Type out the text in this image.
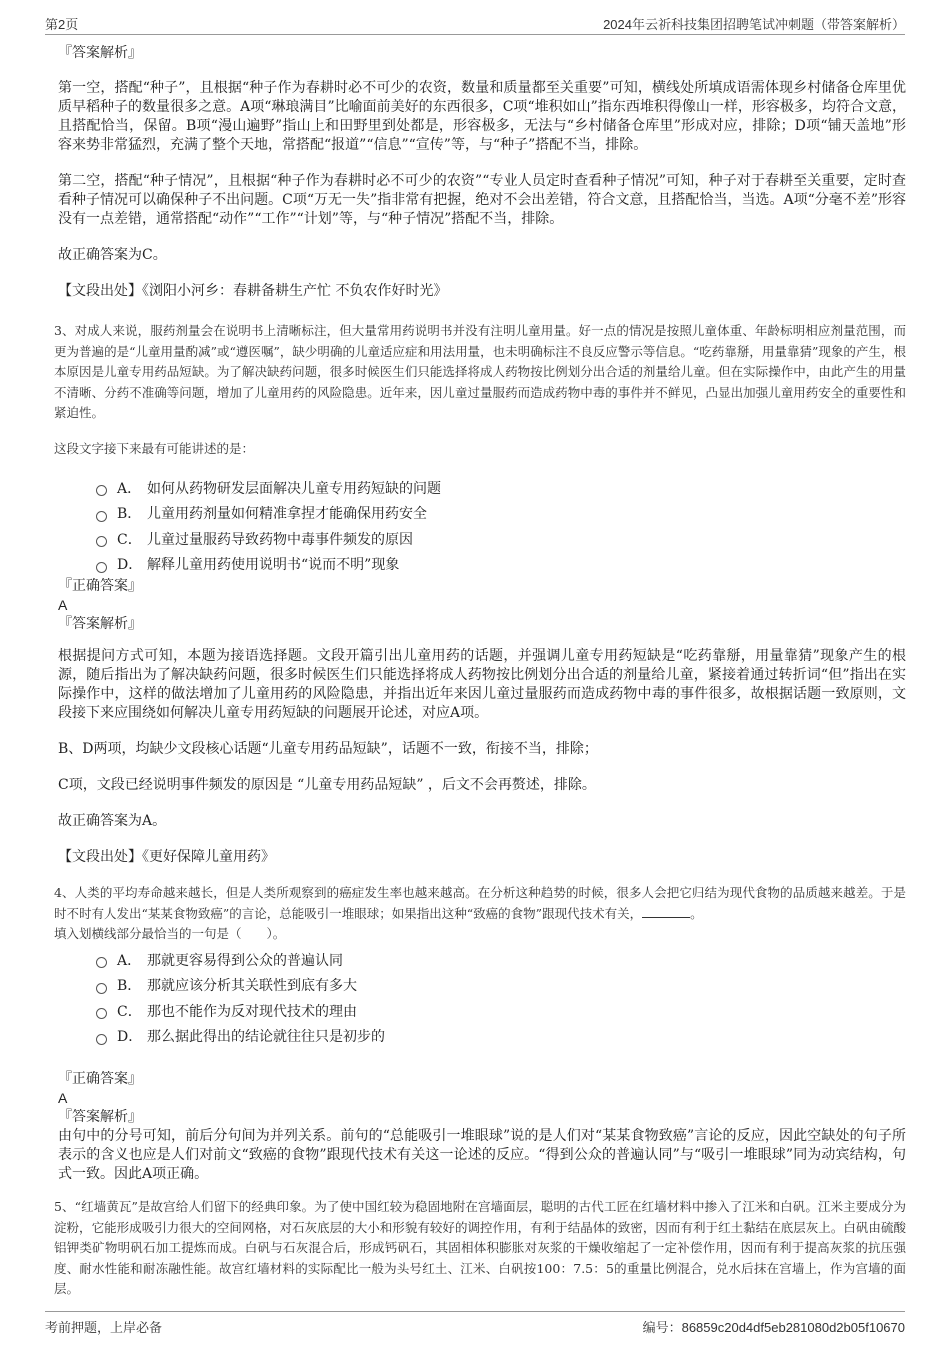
第2页	2024年云祈科技集团招聘笔试冲刺题（带答案解析）
『答案解析』

第一空，搭配“种子”，且根据“种子作为春耕时必不可少的农资，数量和质量都至关重要”可知，横线处所填成语需体现乡村储备仓库里优质早稻种子的数量很多之意。A项“琳琅满目”比喻面前美好的东西很多，C项“堆积如山”指东西堆积得像山一样，形容极多，均符合文意，且搭配恰当，保留。B项“漫山遍野”指山上和田野里到处都是，形容极多，无法与“乡村储备仓库里”形成对应，排除；D项“铺天盖地”形容来势非常猛烈，充满了整个天地，常搭配“报道”“信息”“宣传”等，与“种子”搭配不当，排除。

第二空，搭配“种子情况”，且根据“种子作为春耕时必不可少的农资”“专业人员定时查看种子情况”可知，种子对于春耕至关重要，定时查看种子情况可以确保种子不出问题。C项“万无一失”指非常有把握，绝对不会出差错，符合文意，且搭配恰当，当选。A项“分毫不差”形容没有一点差错，通常搭配“动作”“工作”“计划”等，与“种子情况”搭配不当，排除。

故正确答案为C。

【文段出处】《浏阳小河乡：春耕备耕生产忙 不负农作好时光》

3、对成人来说，服药剂量会在说明书上清晰标注，但大量常用药说明书并没有注明儿童用量。好一点的情况是按照儿童体重、年龄标明相应剂量范围，而更为普遍的是“儿童用量酌减”或“遵医嘱”，缺少明确的儿童适应症和用法用量，也未明确标注不良反应警示等信息。“吃药靠掰，用量靠猜”现象的产生，根本原因是儿童专用药品短缺。为了解决缺药问题，很多时候医生们只能选择将成人药物按比例划分出合适的剂量给儿童。但在实际操作中，由此产生的用量不清晰、分药不准确等问题，增加了儿童用药的风险隐患。近年来，因儿童过量服药而造成药物中毒的事件并不鲜见，凸显出加强儿童用药安全的重要性和紧迫性。

这段文字接下来最有可能讲述的是：

A． 如何从药物研发层面解决儿童专用药短缺的问题
B． 儿童用药剂量如何精准拿捏才能确保用药安全
C． 儿童过量服药导致药物中毒事件频发的原因
D． 解释儿童用药使用说明书“说而不明”现象
『正确答案』
A
『答案解析』

根据提问方式可知，本题为接语选择题。文段开篇引出儿童用药的话题，并强调儿童专用药短缺是“吃药靠掰，用量靠猜”现象产生的根源，随后指出为了解决缺药问题，很多时候医生们只能选择将成人药物按比例划分出合适的剂量给儿童，紧接着通过转折词“但”指出在实际操作中，这样的做法增加了儿童用药的风险隐患，并指出近年来因儿童过量服药而造成药物中毒的事件很多，故根据话题一致原则，文段接下来应围绕如何解决儿童专用药短缺的问题展开论述，对应A项。

B、D两项，均缺少文段核心话题“儿童专用药品短缺”，话题不一致，衔接不当，排除；

C项，文段已经说明事件频发的原因是 “儿童专用药品短缺” ，后文不会再赘述，排除。

故正确答案为A。

【文段出处】《更好保障儿童用药》

4、人类的平均寿命越来越长，但是人类所观察到的癌症发生率也越来越高。在分析这种趋势的时候，很多人会把它归结为现代食物的品质越来越差。于是时不时有人发出“某某食物致癌”的言论，总能吸引一堆眼球；如果指出这种“致癌的食物”跟现代技术有关，	。

填入划横线部分最恰当的一句是（　　）。

A． 那就更容易得到公众的普遍认同
B． 那就应该分析其关联性到底有多大
C． 那也不能作为反对现代技术的理由
D． 那么据此得出的结论就往往只是初步的
『正确答案』
A
『答案解析』

由句中的分号可知，前后分句间为并列关系。前句的“总能吸引一堆眼球”说的是人们对“某某食物致癌”言论的反应，因此空缺处的句子所表示的含义也应是人们对前文“致癌的食物”跟现代技术有关这一论述的反应。“得到公众的普遍认同”与“吸引一堆眼球”同为动宾结构，句式一致。因此A项正确。

5、“红墙黄瓦”是故宫给人们留下的经典印象。为了使中国红较为稳固地附在宫墙面层，聪明的古代工匠在红墙材料中掺入了江米和白矾。江米主要成分为淀粉，它能形成吸引力很大的空间网格，对石灰底层的大小和形貌有较好的调控作用，有利于结晶体的致密，因而有利于红土黏结在底层灰上。白矾由硫酸铝钾类矿物明矾石加工提炼而成。白矾与石灰混合后，形成钙矾石，其固相体积膨胀对灰浆的干燥收缩起了一定补偿作用，因而有利于提高灰浆的抗压强度、耐水性能和耐冻融性能。故宫红墙材料的实际配比一般为头号红土、江米、白矾按100：7.5：5的重量比例混合，兑水后抹在宫墙上，作为宫墙的面层。

考前押题，上岸必备	编号：86859c20d4df5eb281080d2b05f10670
